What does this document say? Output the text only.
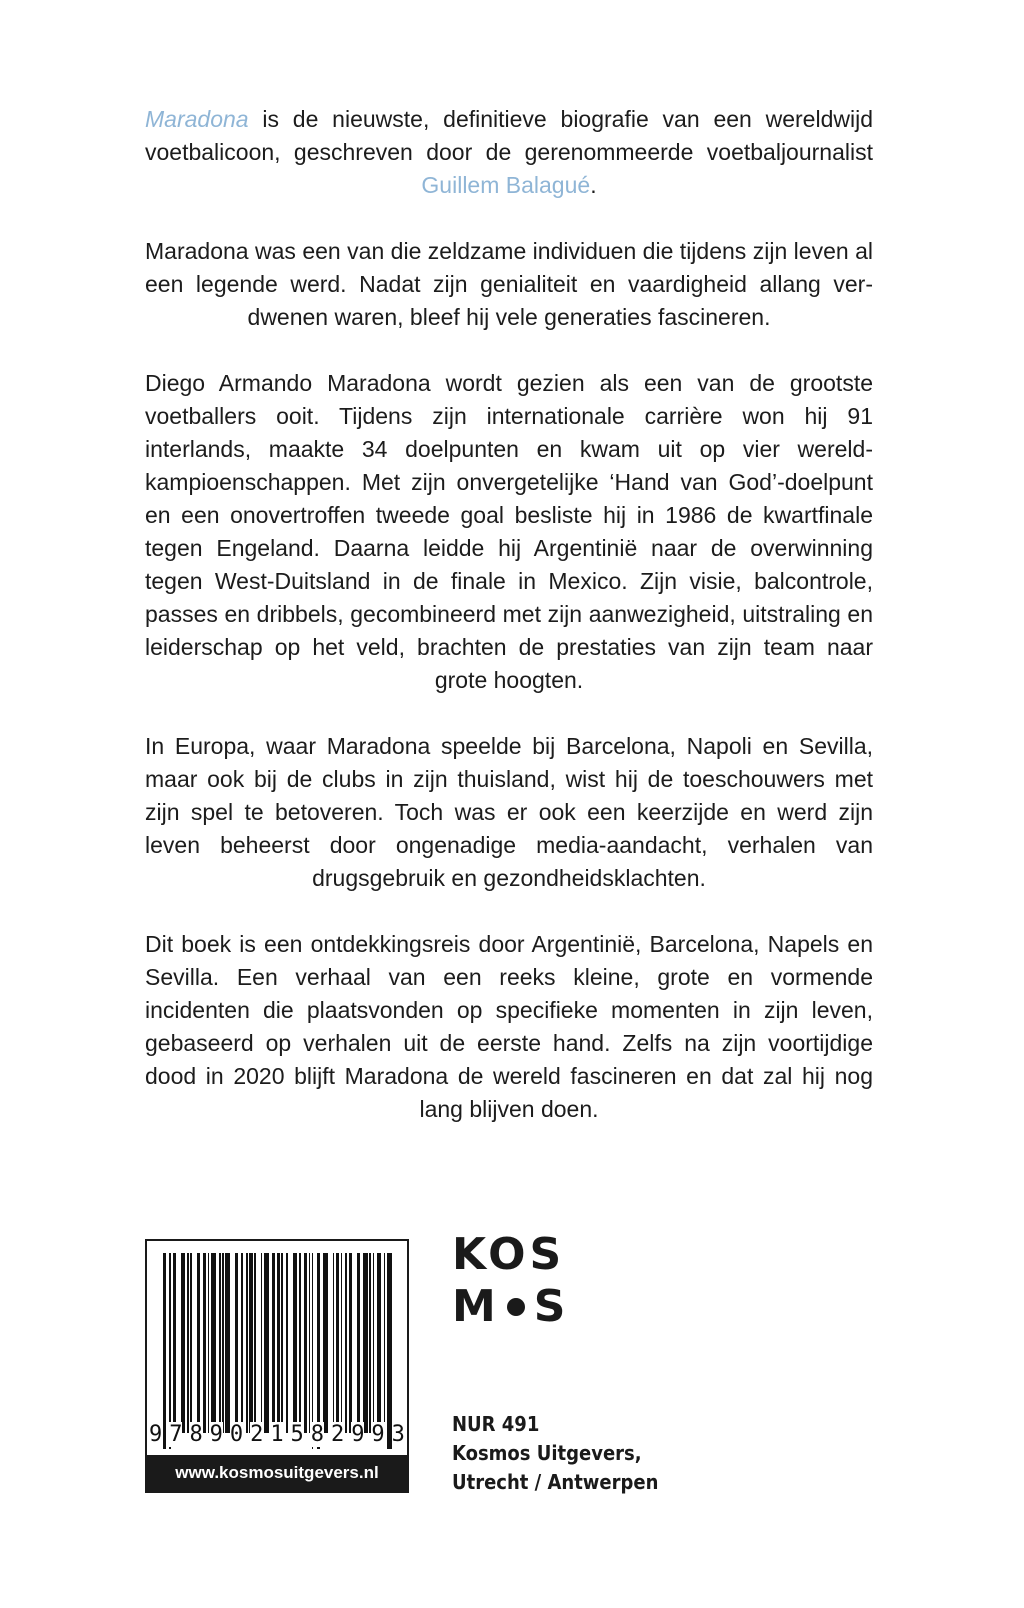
Maradona is de nieuwste, definitieve biografie van een wereldwijd voetbalicoon, geschreven door de gerenommeerde voetbaljournalist Guillem Balagué.

Maradona was een van die zeldzame individuen die tijdens zijn leven al een legende werd. Nadat zijn genialiteit en vaardigheid allang verdwenen waren, bleef hij vele generaties fascineren.

Diego Armando Maradona wordt gezien als een van de grootste voetballers ooit. Tijdens zijn internationale carrière won hij 91 interlands, maakte 34 doelpunten en kwam uit op vier wereldkampioenschappen. Met zijn onvergetelijke ‘Hand van God’-doelpunt en een onovertroffen tweede goal besliste hij in 1986 de kwartfinale tegen Engeland. Daarna leidde hij Argentinië naar de overwinning tegen West-Duitsland in de finale in Mexico. Zijn visie, balcontrole, passes en dribbels, gecombineerd met zijn aanwezigheid, uitstraling en leiderschap op het veld, brachten de prestaties van zijn team naar grote hoogten.

In Europa, waar Maradona speelde bij Barcelona, Napoli en Sevilla, maar ook bij de clubs in zijn thuisland, wist hij de toeschouwers met zijn spel te betoveren. Toch was er ook een keerzijde en werd zijn leven beheerst door ongenadige media-aandacht, verhalen van drugsgebruik en gezondheidsklachten.

Dit boek is een ontdekkingsreis door Argentinië, Barcelona, Napels en Sevilla. Een verhaal van een reeks kleine, grote en vormende incidenten die plaatsvonden op specifieke momenten in zijn leven, gebaseerd op verhalen uit de eerste hand. Zelfs na zijn voortijdige dood in 2020 blijft Maradona de wereld fascineren en dat zal hij nog lang blijven doen.

9 7 8 9 0 2 1 5 8 2 9 9 3
www.kosmosuitgevers.nl
KOS
M S
NUR 491
Kosmos Uitgevers,
Utrecht / Antwerpen
